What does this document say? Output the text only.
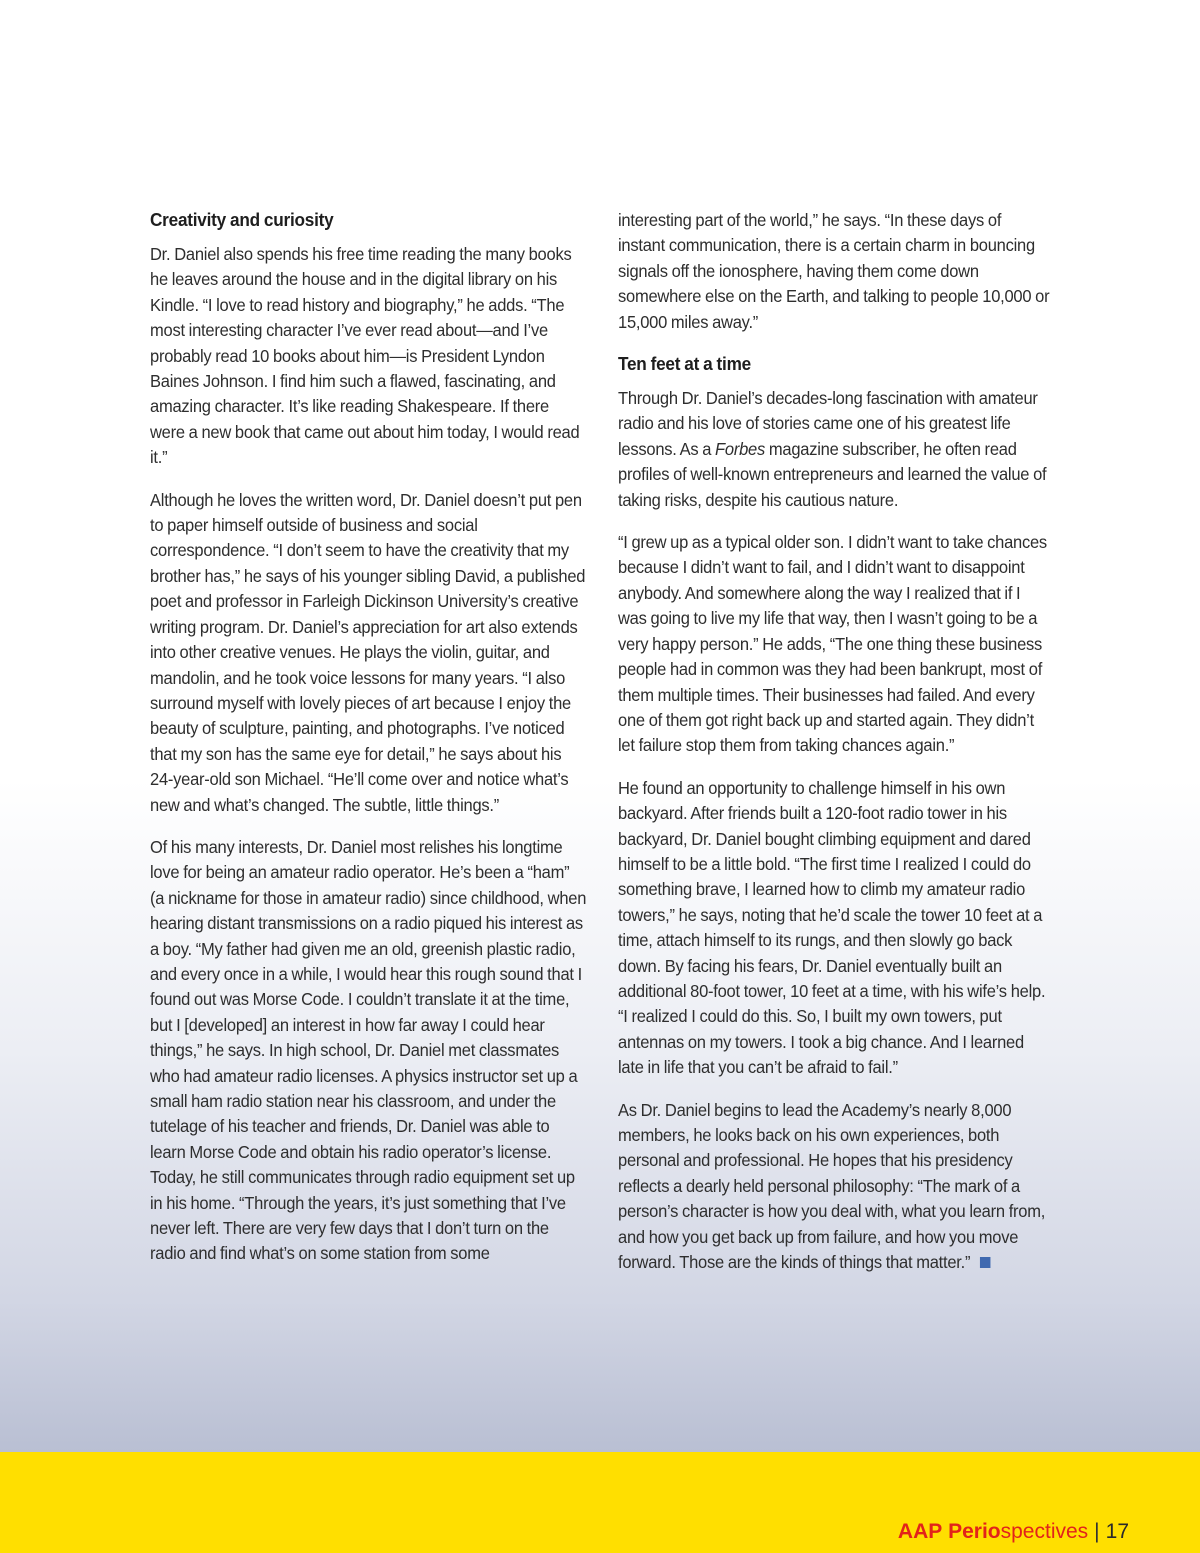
Creativity and curiosity

Dr. Daniel also spends his free time reading the many books he leaves around the house and in the digital library on his Kindle. “I love to read history and biography,” he adds. “The most interesting character I’ve ever read about—and I’ve probably read 10 books about him—is President Lyndon Baines Johnson. I find him such a flawed, fascinating, and amazing character. It’s like reading Shakespeare. If there were a new book that came out about him today, I would read it.”

Although he loves the written word, Dr. Daniel doesn’t put pen to paper himself outside of business and social correspondence. “I don’t seem to have the creativity that my brother has,” he says of his younger sibling David, a published poet and professor in Farleigh Dickinson University’s creative writing program. Dr. Daniel’s appreciation for art also extends into other creative venues. He plays the violin, guitar, and mandolin, and he took voice lessons for many years. “I also surround myself with lovely pieces of art because I enjoy the beauty of sculpture, painting, and photographs. I’ve noticed that my son has the same eye for detail,” he says about his 24-year-old son Michael. “He’ll come over and notice what’s new and what’s changed. The subtle, little things.”

Of his many interests, Dr. Daniel most relishes his longtime love for being an amateur radio operator. He’s been a “ham” (a nickname for those in amateur radio) since childhood, when hearing distant transmissions on a radio piqued his interest as a boy. “My father had given me an old, greenish plastic radio, and every once in a while, I would hear this rough sound that I found out was Morse Code. I couldn’t translate it at the time, but I [developed] an interest in how far away I could hear things,” he says. In high school, Dr. Daniel met classmates who had amateur radio licenses. A physics instructor set up a small ham radio station near his classroom, and under the tutelage of his teacher and friends, Dr. Daniel was able to learn Morse Code and obtain his radio operator’s license. Today, he still communicates through radio equipment set up in his home. “Through the years, it’s just something that I’ve never left. There are very few days that I don’t turn on the radio and find what’s on some station from some

interesting part of the world,” he says. “In these days of instant communication, there is a certain charm in bouncing signals off the ionosphere, having them come down somewhere else on the Earth, and talking to people 10,000 or 15,000 miles away.”

Ten feet at a time

Through Dr. Daniel’s decades-long fascination with amateur radio and his love of stories came one of his greatest life lessons. As a Forbes magazine subscriber, he often read profiles of well-known entrepreneurs and learned the value of taking risks, despite his cautious nature.

“I grew up as a typical older son. I didn’t want to take chances because I didn’t want to fail, and I didn’t want to disappoint anybody. And somewhere along the way I realized that if I was going to live my life that way, then I wasn’t going to be a very happy person.” He adds, “The one thing these business people had in common was they had been bankrupt, most of them multiple times. Their businesses had failed. And every one of them got right back up and started again. They didn’t let failure stop them from taking chances again.”

He found an opportunity to challenge himself in his own backyard. After friends built a 120-foot radio tower in his backyard, Dr. Daniel bought climbing equipment and dared himself to be a little bold. “The first time I realized I could do something brave, I learned how to climb my amateur radio towers,” he says, noting that he’d scale the tower 10 feet at a time, attach himself to its rungs, and then slowly go back down. By facing his fears, Dr. Daniel eventually built an additional 80-foot tower, 10 feet at a time, with his wife’s help. “I realized I could do this. So, I built my own towers, put antennas on my towers. I took a big chance. And I learned late in life that you can’t be afraid to fail.”

As Dr. Daniel begins to lead the Academy’s nearly 8,000 members, he looks back on his own experiences, both personal and professional. He hopes that his presidency reflects a dearly held personal philosophy: “The mark of a person’s character is how you deal with, what you learn from, and how you get back up from failure, and how you move forward. Those are the kinds of things that matter.”

AAP Periospectives | 17
